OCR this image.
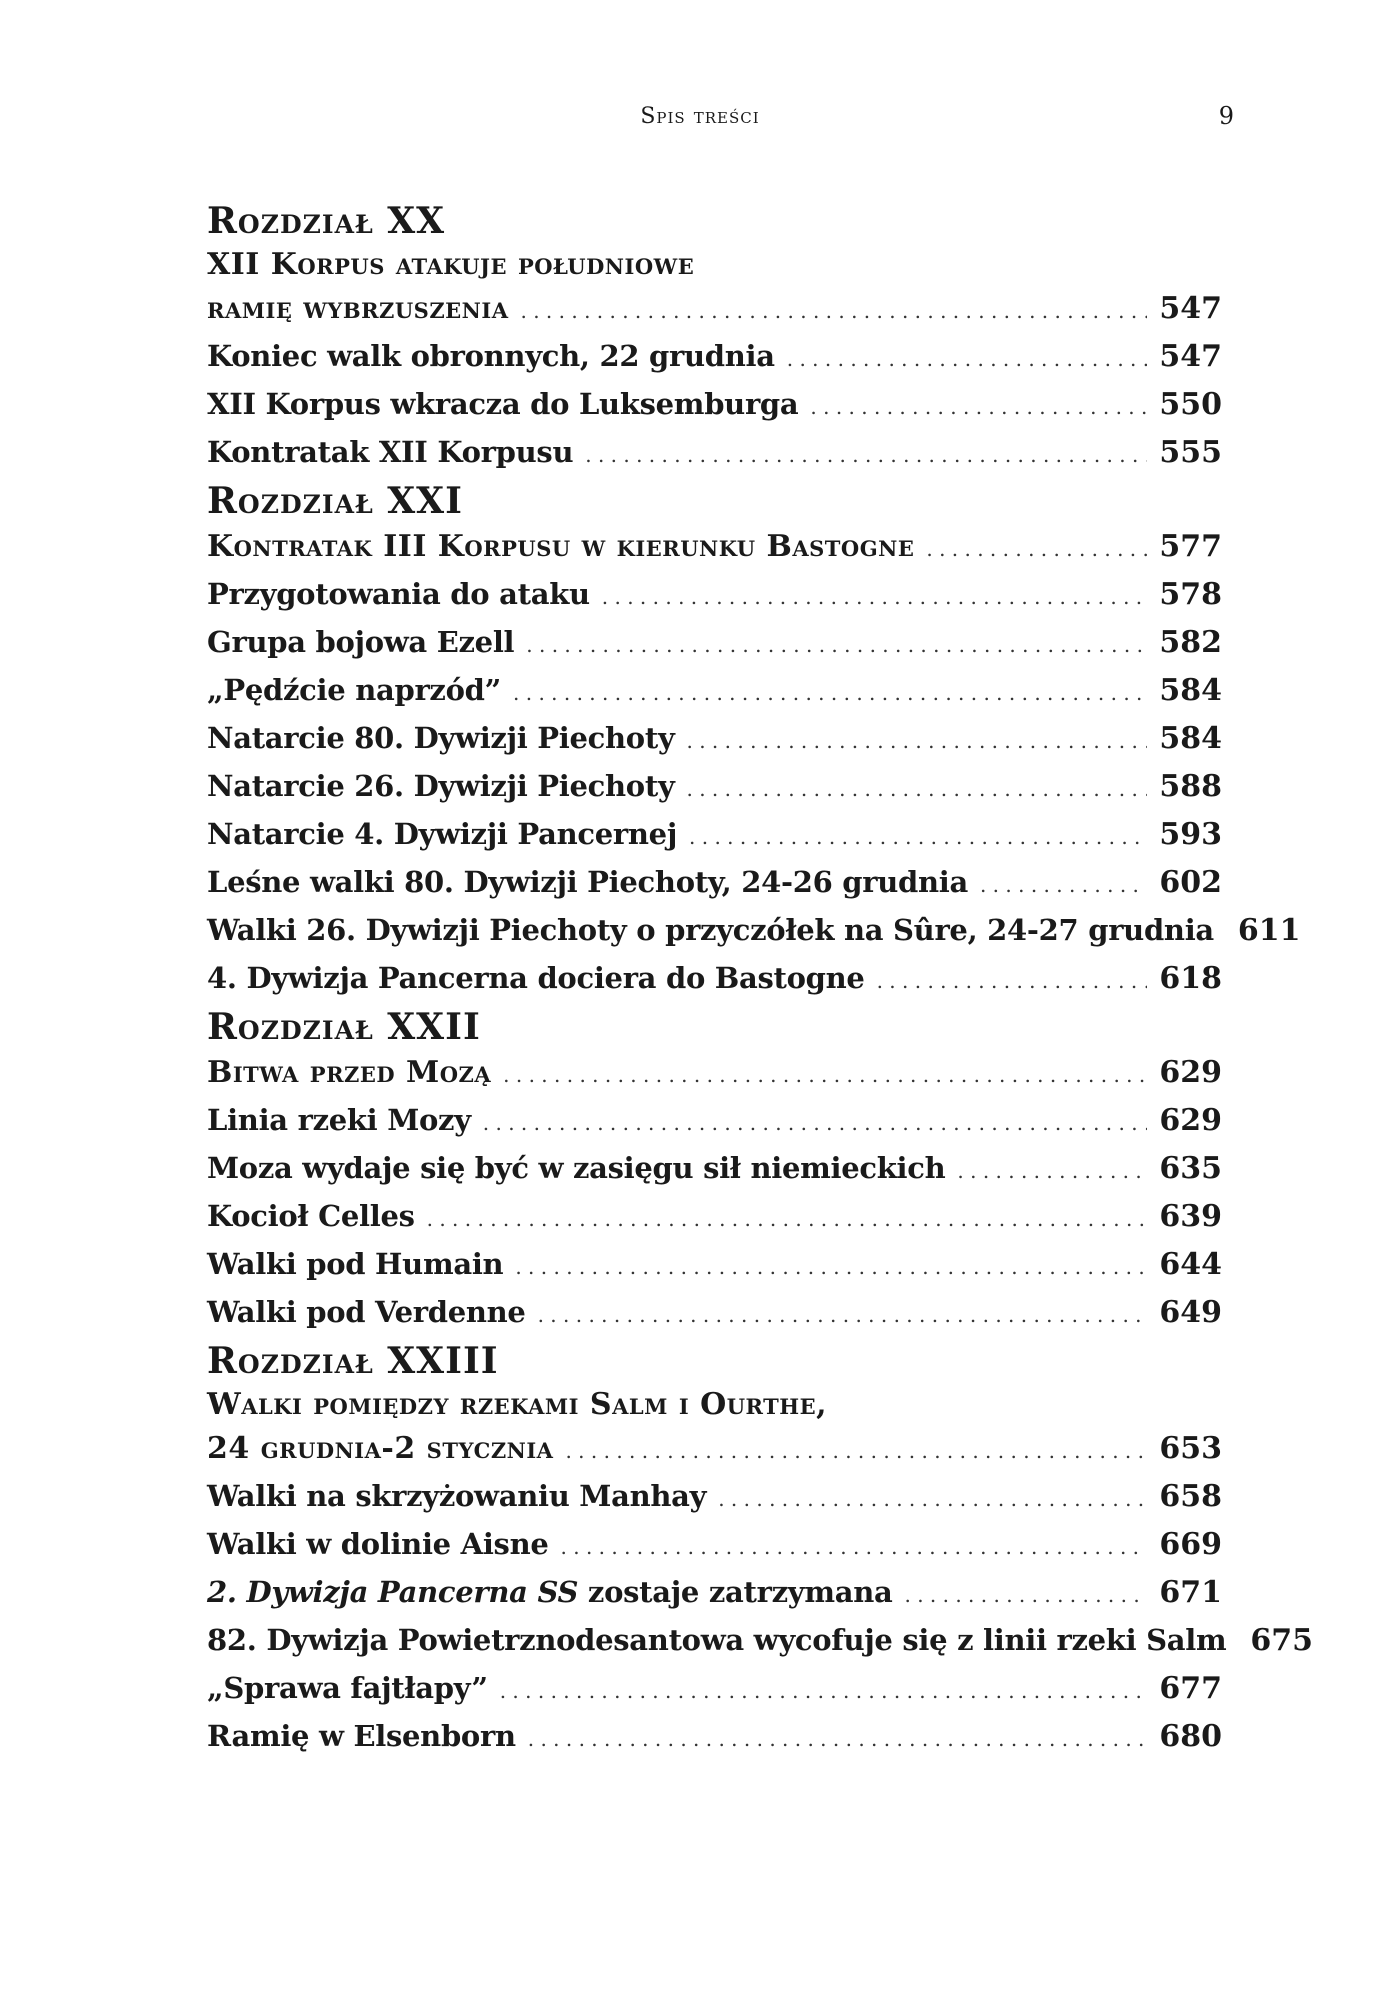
Spis treści	9
Rozdział XX
XII Korpus atakuje południowe
ramię wybrzuszenia . . .	547
Koniec walk obronnych, 22 grudnia . . .	547
XII Korpus wkracza do Luksemburga . . .	550
Kontratak XII Korpusu . . .	555
Rozdział XXI
Kontratak III Korpusu w kierunku Bastogne . . .	577
Przygotowania do ataku . . .	578
Grupa bojowa Ezell . . .	582
„Pędźcie naprzód” . . .	584
Natarcie 80. Dywizji Piechoty . . .	584
Natarcie 26. Dywizji Piechoty . . .	588
Natarcie 4. Dywizji Pancernej . . .	593
Leśne walki 80. Dywizji Piechoty, 24-26 grudnia . . .	602
Walki 26. Dywizji Piechoty o przyczółek na Sûre, 24-27 grudnia 611
4. Dywizja Pancerna dociera do Bastogne . . .	618
Rozdział XXII
Bitwa przed Mozą . . .	629
Linia rzeki Mozy . . .	629
Moza wydaje się być w zasięgu sił niemieckich . . .	635
Kocioł Celles . . .	639
Walki pod Humain . . .	644
Walki pod Verdenne . . .	649
Rozdział XXIII
Walki pomiędzy rzekami Salm i Ourthe,
24 grudnia-2 stycznia . . .	653
Walki na skrzyżowaniu Manhay . . .	658
Walki w dolinie Aisne . . .	669
2. Dywizja Pancerna SS zostaje zatrzymana . . .	671
82. Dywizja Powietrznodesantowa wycofuje się z linii rzeki Salm 675
„Sprawa fajtłapy” . . .	677
Ramię w Elsenborn . . .	680
